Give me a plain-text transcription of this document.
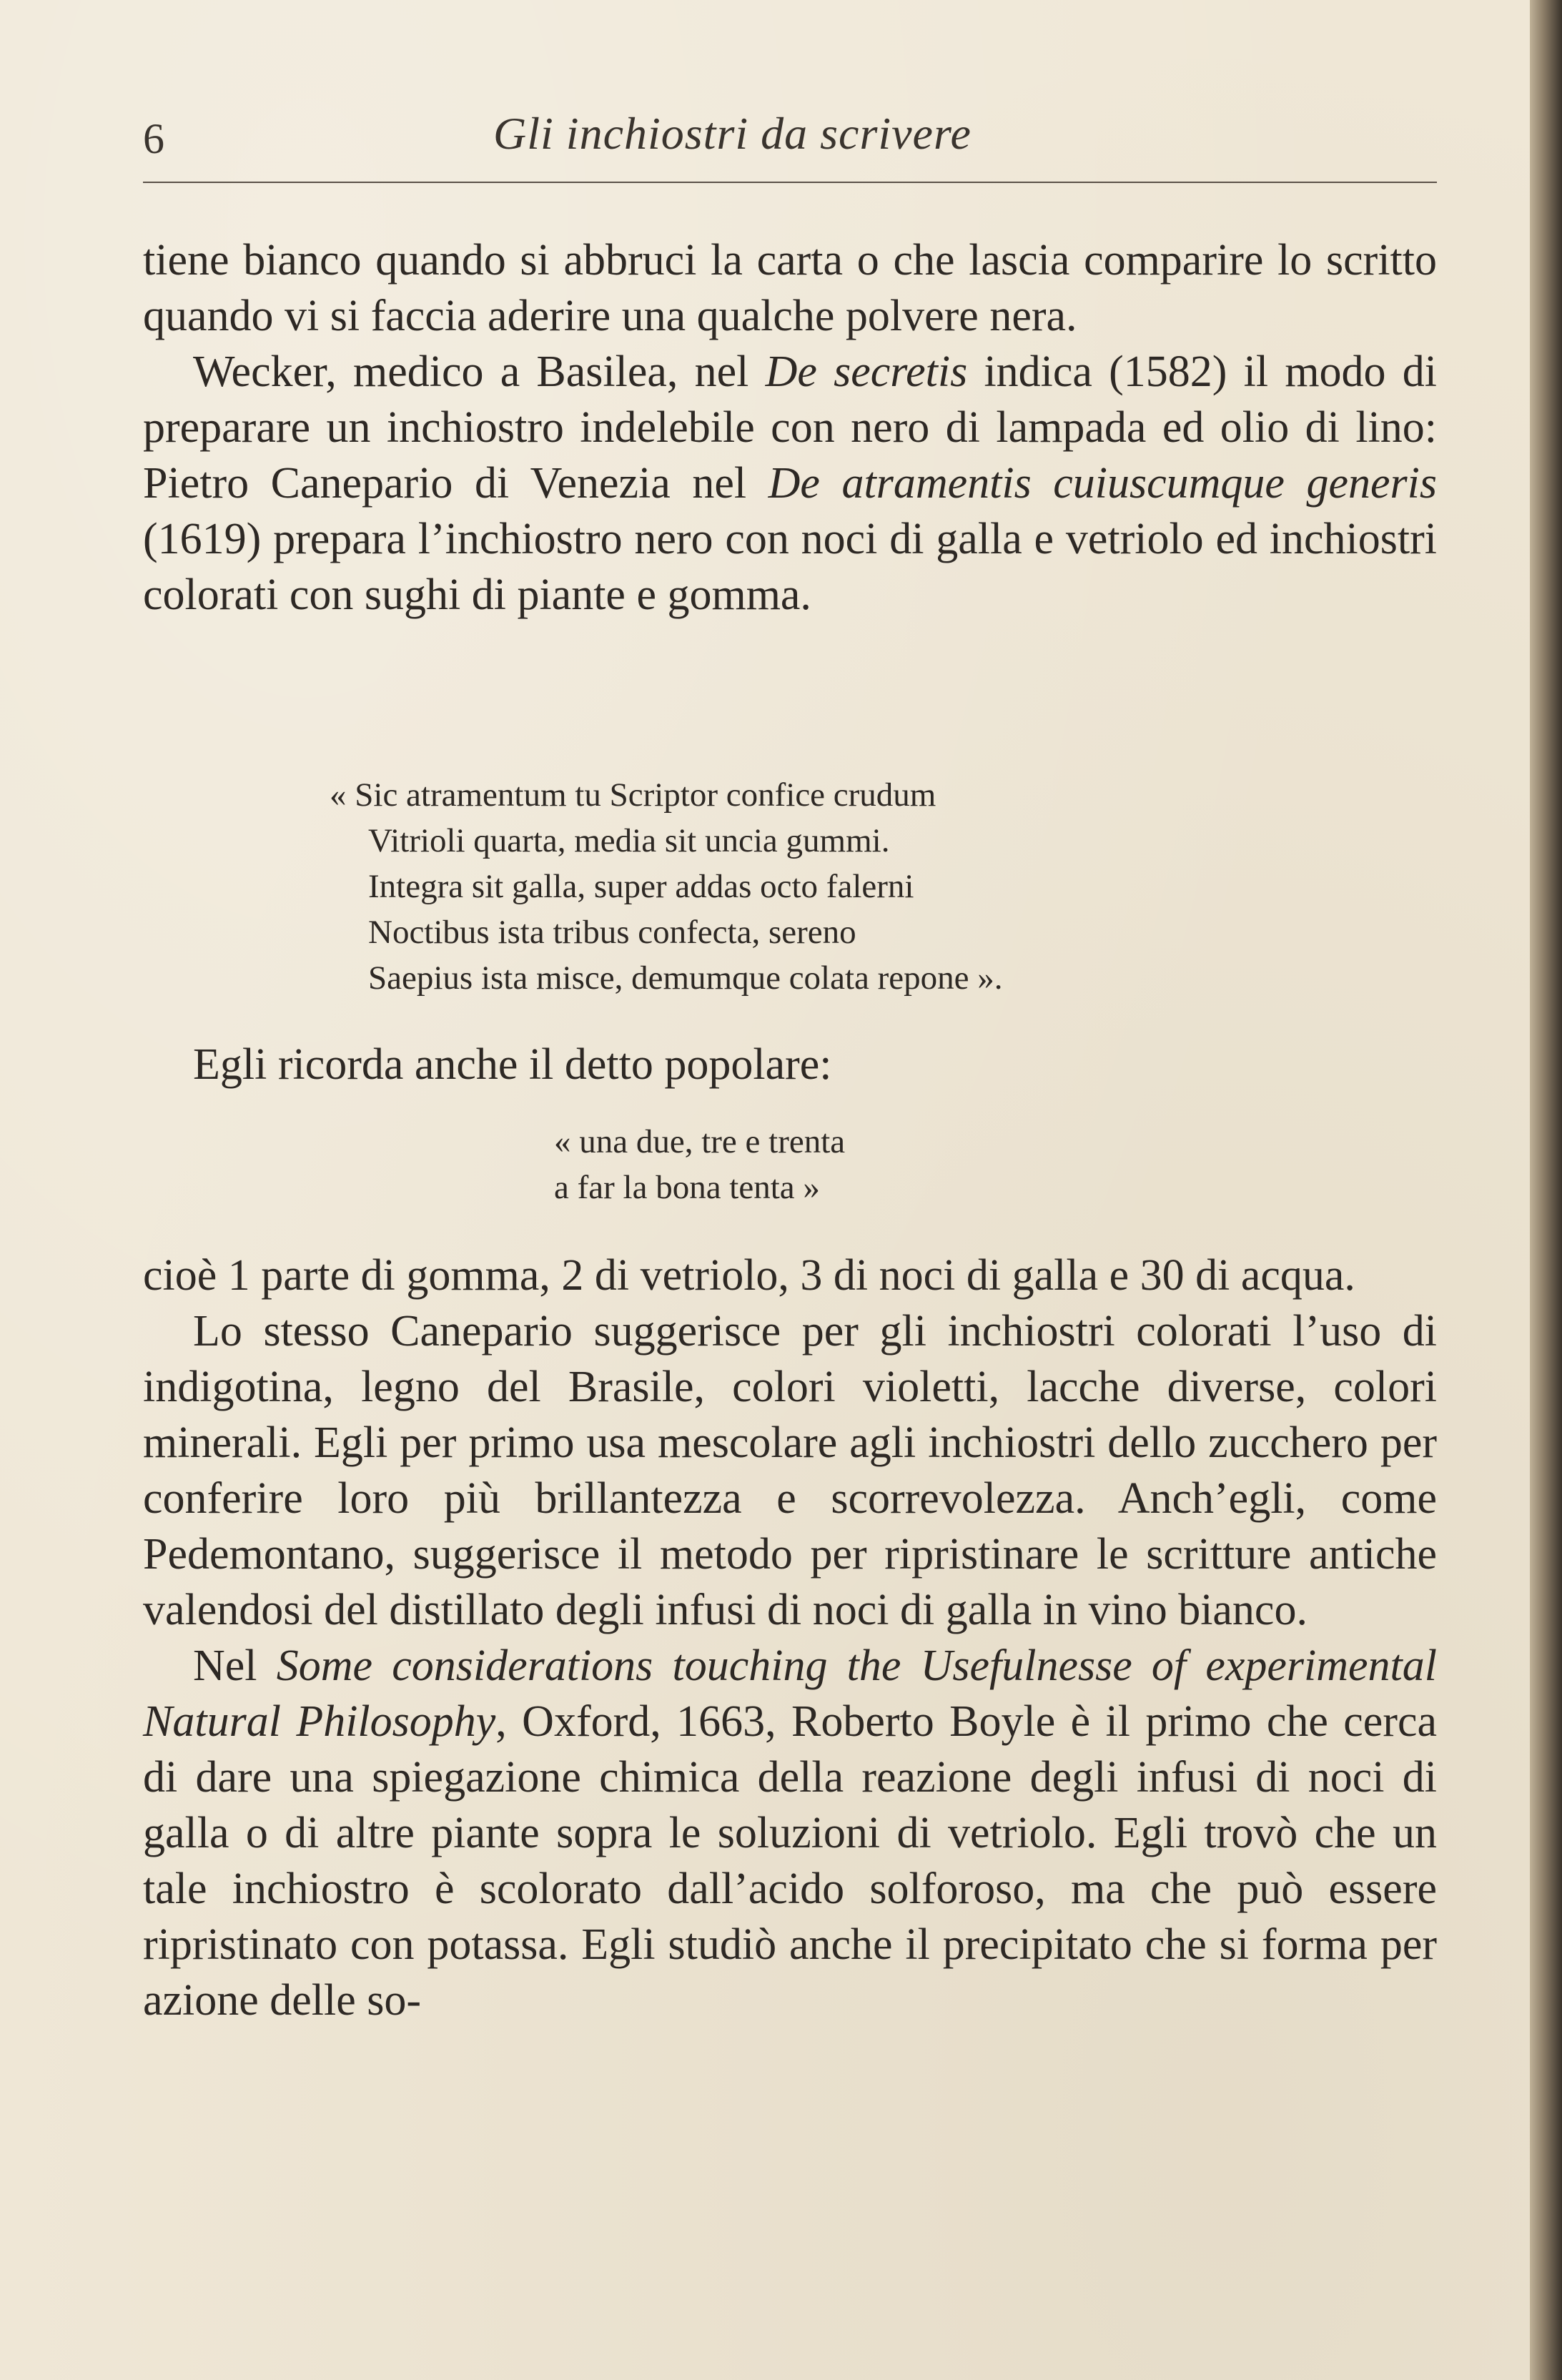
6	Gli inchiostri da scrivere

tiene bianco quando si abbruci la carta o che lascia comparire lo scritto quando vi si faccia aderire una qualche polvere nera.

Wecker, medico a Basilea, nel De secretis indica (1582) il modo di preparare un inchiostro indelebile con nero di lampada ed olio di lino: Pietro Canepario di Venezia nel De atramentis cuiuscumque generis (1619) prepara l’inchiostro nero con noci di galla e vetriolo ed inchiostri colorati con sughi di piante e gomma.

« Sic atramentum tu Scriptor confice crudum
Vitrioli quarta, media sit uncia gummi.
Integra sit galla, super addas octo falerni
Noctibus ista tribus confecta, sereno
Saepius ista misce, demumque colata repone ».

Egli ricorda anche il detto popolare:

« una due, tre e trenta
a far la bona tenta »

cioè 1 parte di gomma, 2 di vetriolo, 3 di noci di galla e 30 di acqua.

Lo stesso Canepario suggerisce per gli inchiostri colorati l’uso di indigotina, legno del Brasile, colori violetti, lacche diverse, colori minerali. Egli per primo usa mescolare agli inchiostri dello zucchero per conferire loro più brillantezza e scorrevolezza. Anch’egli, come Pedemontano, suggerisce il metodo per ripristinare le scritture antiche valendosi del distillato degli infusi di noci di galla in vino bianco.

Nel Some considerations touching the Usefulnesse of experimental Natural Philosophy, Oxford, 1663, Roberto Boyle è il primo che cerca di dare una spiegazione chimica della reazione degli infusi di noci di galla o di altre piante sopra le soluzioni di vetriolo. Egli trovò che un tale inchiostro è scolorato dall’acido solforoso, ma che può essere ripristinato con potassa. Egli studiò anche il precipitato che si forma per azione delle so-
